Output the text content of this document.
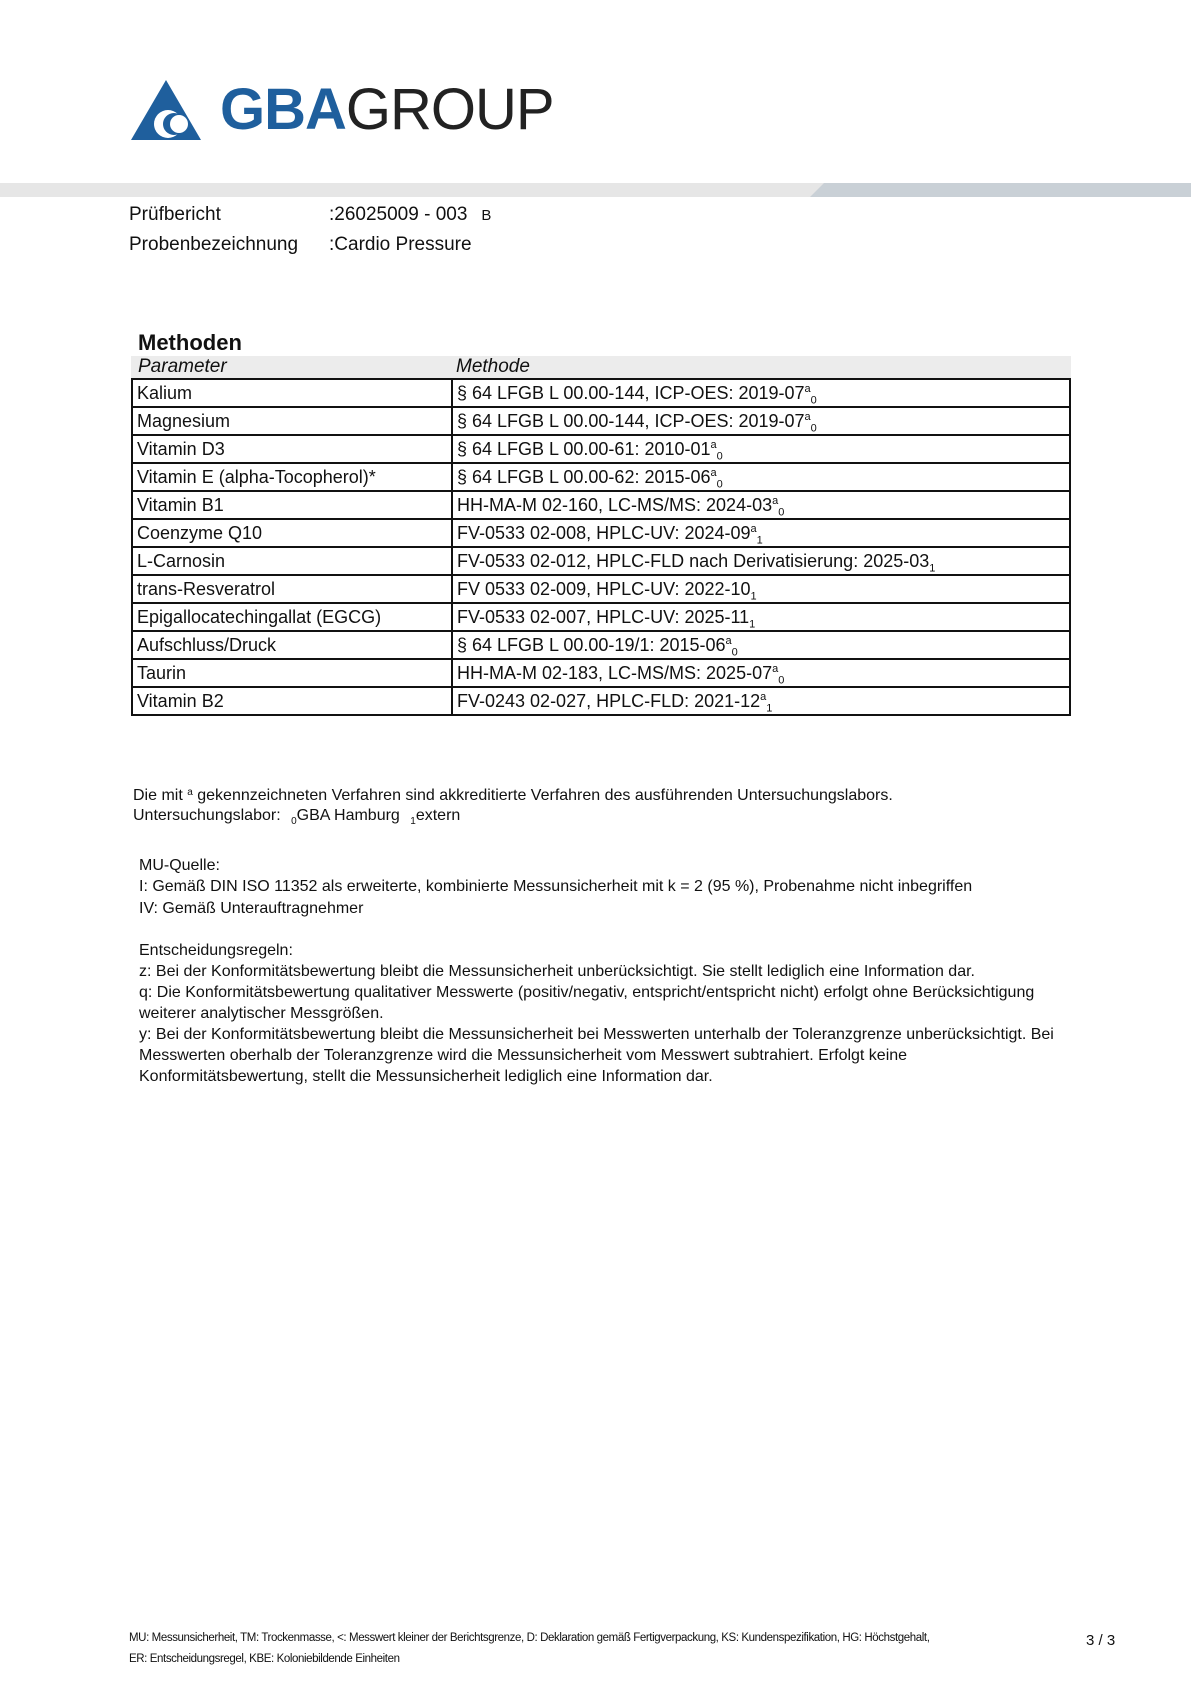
GBAGROUP
Prüfbericht	:26025009 - 003 B
Probenbezeichnung :Cardio Pressure
Methoden
Parameter	Methode
Kalium	§ 64 LFGB L 00.00-144, ICP-OES: $2019-07^a_0$
Magnesium	§ 64 LFGB L 00.00-144, ICP-OES: $2019-07^a_0$
Vitamin D3	§ 64 LFGB L 00.00-61: $2010-01^a_0$
Vitamin E (alpha-Tocopherol)*	§ 64 LFGB L 00.00-62: $2015-06^a_0$
Vitamin B1	HH-MA-M 02-160, LC-MS/MS: $2024-03^a_0$
Coenzyme Q10	FV-0533 02-008, HPLC-UV: $2024-09^a_1$
L-Carnosin	FV-0533 02-012, HPLC-FLD nach Derivatisierung: $2025-03_1$
trans-Resveratrol	FV 0533 02-009, HPLC-UV: $2022-10_1$
Epigallocatechingallat (EGCG)	FV-0533 02-007, HPLC-UV: $2025-11_1$
Aufschluss/Druck	§ 64 LFGB L 00.00-19/1: $2015-06^a_0$
Taurin	HH-MA-M 02-183, LC-MS/MS: $2025-07^a_0$
Vitamin B2	FV-0243 02-027, HPLC-FLD: $2021-12^a_1$
Die mit $^a$ gekennzeichneten Verfahren sind akkreditierte Verfahren des ausführenden Untersuchungslabors.
Untersuchungslabor: $_0$GBA Hamburg $_1$extern
MU-Quelle:
I: Gemäß DIN ISO 11352 als erweiterte, kombinierte Messunsicherheit mit k = 2 (95 %), Probenahme nicht inbegriffen
IV: Gemäß Unterauftragnehmer
Entscheidungsregeln:
z: Bei der Konformitätsbewertung bleibt die Messunsicherheit unberücksichtigt. Sie stellt lediglich eine Information dar.
q: Die Konformitätsbewertung qualitativer Messwerte (positiv/negativ, entspricht/entspricht nicht) erfolgt ohne Berücksichtigung
weiterer analytischer Messgrößen.
y: Bei der Konformitätsbewertung bleibt die Messunsicherheit bei Messwerten unterhalb der Toleranzgrenze unberücksichtigt. Bei
Messwerten oberhalb der Toleranzgrenze wird die Messunsicherheit vom Messwert subtrahiert. Erfolgt keine
Konformitätsbewertung, stellt die Messunsicherheit lediglich eine Information dar.
MU: Messunsicherheit, TM: Trockenmasse, <: Messwert kleiner der Berichtsgrenze, D: Deklaration gemäß Fertigverpackung, KS: Kundenspezifikation, HG: Höchstgehalt,
ER: Entscheidungsregel, KBE: Koloniebildende Einheiten
3 / 3
